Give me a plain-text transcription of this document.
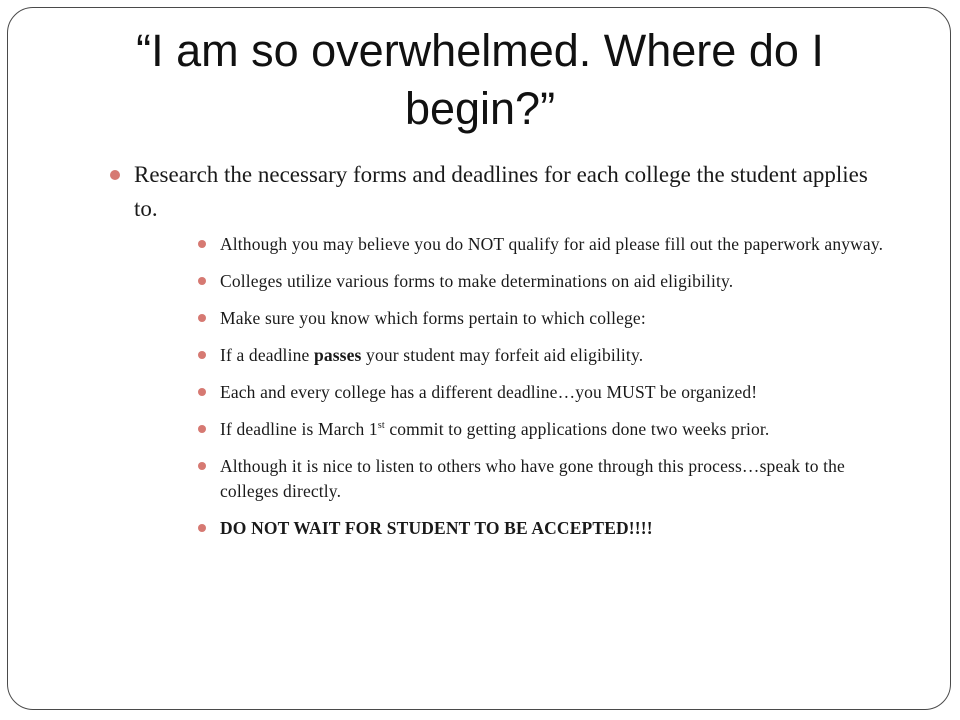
“I am so overwhelmed. Where do I begin?”
Research the necessary forms and deadlines for each college the student applies to.
Although you may believe you do NOT qualify for aid please fill out the paperwork anyway.
Colleges utilize various forms to make determinations on aid eligibility.
Make sure you know which forms pertain to which college:
If a deadline passes your student may forfeit aid eligibility.
Each and every college has a different deadline…you MUST be organized!
If deadline is March 1st commit to getting applications done two weeks prior.
Although it is nice to listen to others who have gone through this process…speak to the colleges directly.
DO NOT WAIT FOR STUDENT TO BE ACCEPTED!!!!
